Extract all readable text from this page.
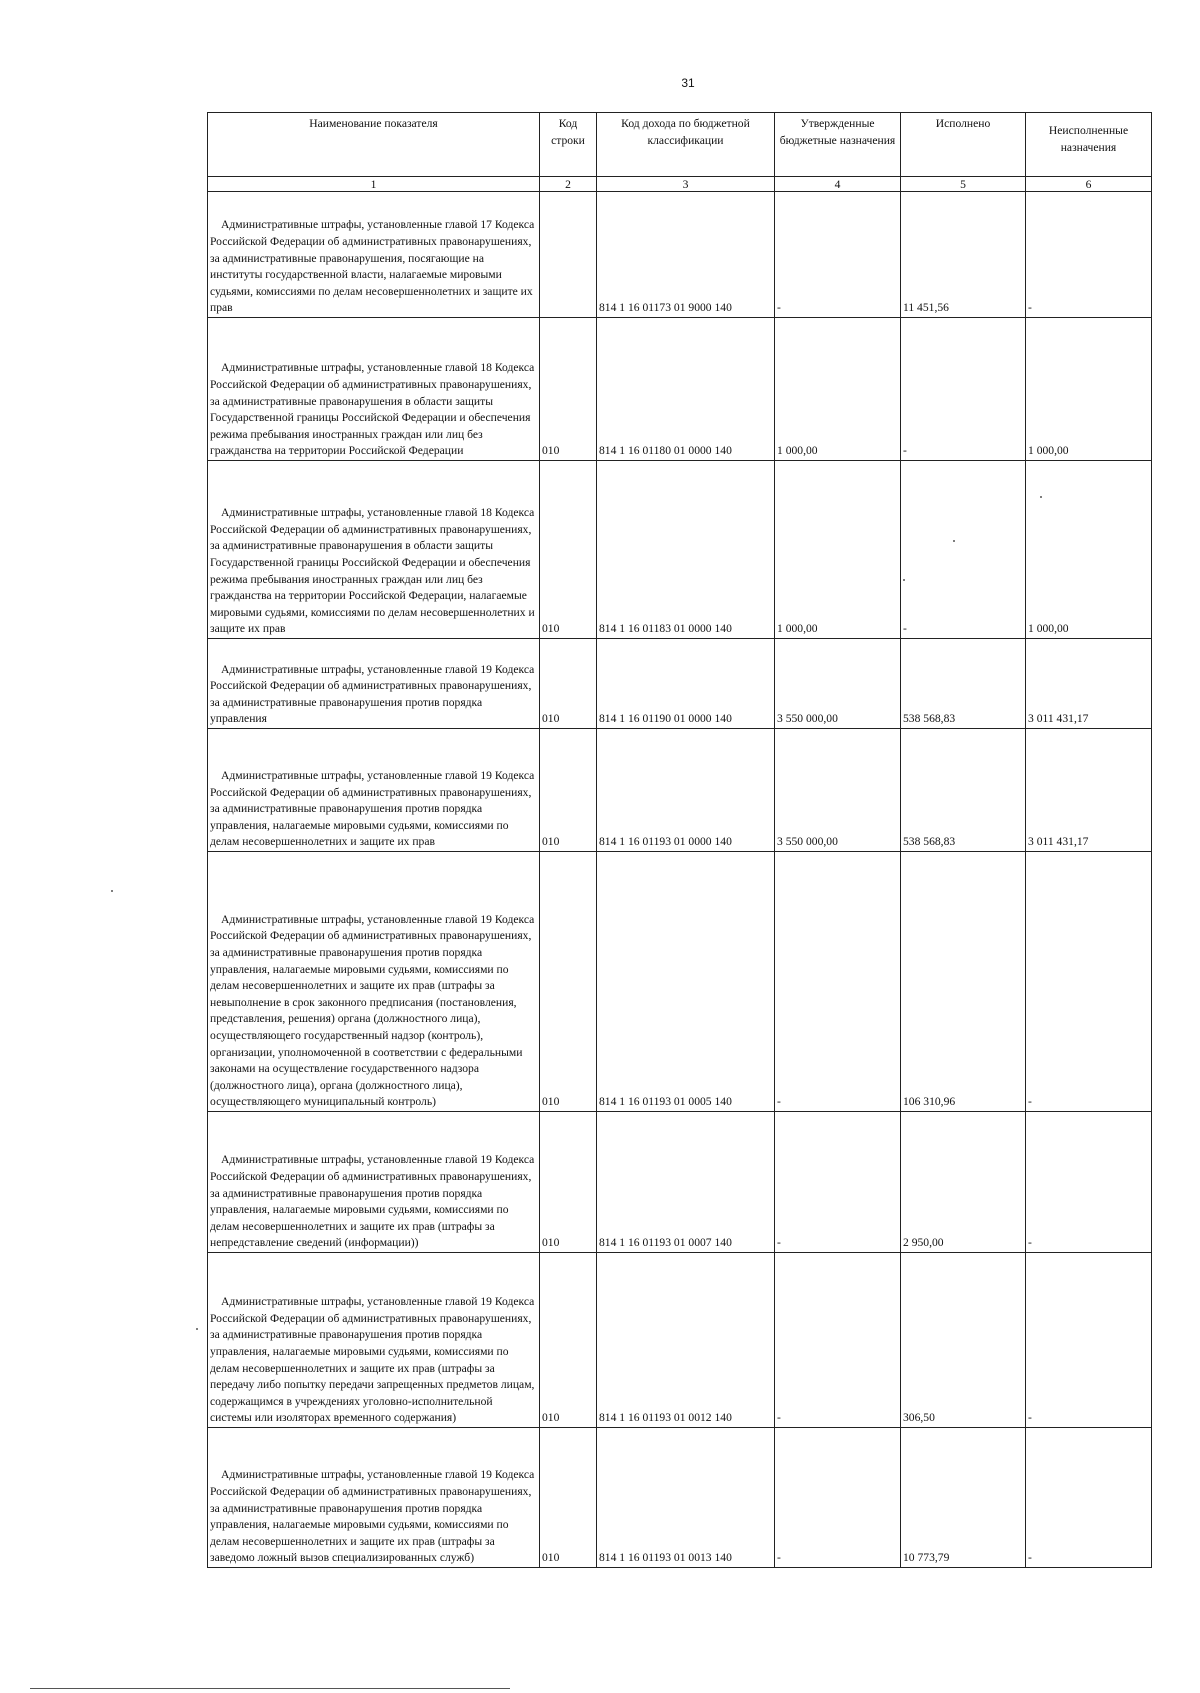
31
Наименование показателя	Код строки	Код дохода по бюджетной классификации	Утвержденные бюджетные назначения	Исполнено	Неисполненные назначения
1	2	3	4	5	6

Административные штрафы, установленные главой 17 Кодекса Российской Федерации об административных правонарушениях, за административные правонарушения, посягающие на институты государственной власти, налагаемые мировыми судьями, комиссиями по делам несовершеннолетних и защите их прав		814 1 16 01173 01 9000 140	-	11 451,56	-

Административные штрафы, установленные главой 18 Кодекса Российской Федерации об административных правонарушениях, за административные правонарушения в области защиты Государственной границы Российской Федерации и обеспечения режима пребывания иностранных граждан или лиц без гражданства на территории Российской Федерации	010	814 1 16 01180 01 0000 140	1 000,00	-	1 000,00

Административные штрафы, установленные главой 18 Кодекса Российской Федерации об административных правонарушениях, за административные правонарушения в области защиты Государственной границы Российской Федерации и обеспечения режима пребывания иностранных граждан или лиц без гражданства на территории Российской Федерации, налагаемые мировыми судьями, комиссиями по делам несовершеннолетних и защите их прав	010	814 1 16 01183 01 0000 140	1 000,00	-	1 000,00

Административные штрафы, установленные главой 19 Кодекса Российской Федерации об административных правонарушениях, за административные правонарушения против порядка управления	010	814 1 16 01190 01 0000 140	3 550 000,00	538 568,83	3 011 431,17

Административные штрафы, установленные главой 19 Кодекса Российской Федерации об административных правонарушениях, за административные правонарушения против порядка управления, налагаемые мировыми судьями, комиссиями по делам несовершеннолетних и защите их прав	010	814 1 16 01193 01 0000 140	3 550 000,00	538 568,83	3 011 431,17

Административные штрафы, установленные главой 19 Кодекса Российской Федерации об административных правонарушениях, за административные правонарушения против порядка управления, налагаемые мировыми судьями, комиссиями по делам несовершеннолетних и защите их прав (штрафы за невыполнение в срок законного предписания (постановления, представления, решения) органа (должностного лица), осуществляющего государственный надзор (контроль), организации, уполномоченной в соответствии с федеральными законами на осуществление государственного надзора (должностного лица), органа (должностного лица), осуществляющего муниципальный контроль)	010	814 1 16 01193 01 0005 140	-	106 310,96	-

Административные штрафы, установленные главой 19 Кодекса Российской Федерации об административных правонарушениях, за административные правонарушения против порядка управления, налагаемые мировыми судьями, комиссиями по делам несовершеннолетних и защите их прав (штрафы за непредставление сведений (информации))	010	814 1 16 01193 01 0007 140	-	2 950,00	-

Административные штрафы, установленные главой 19 Кодекса Российской Федерации об административных правонарушениях, за административные правонарушения против порядка управления, налагаемые мировыми судьями, комиссиями по делам несовершеннолетних и защите их прав (штрафы за передачу либо попытку передачи запрещенных предметов лицам, содержащимся в учреждениях уголовно-исполнительной системы или изоляторах временного содержания)	010	814 1 16 01193 01 0012 140	-	306,50	-

Административные штрафы, установленные главой 19 Кодекса Российской Федерации об административных правонарушениях, за административные правонарушения против порядка управления, налагаемые мировыми судьями, комиссиями по делам несовершеннолетних и защите их прав (штрафы за заведомо ложный вызов специализированных служб)	010	814 1 16 01193 01 0013 140	-	10 773,79	-
